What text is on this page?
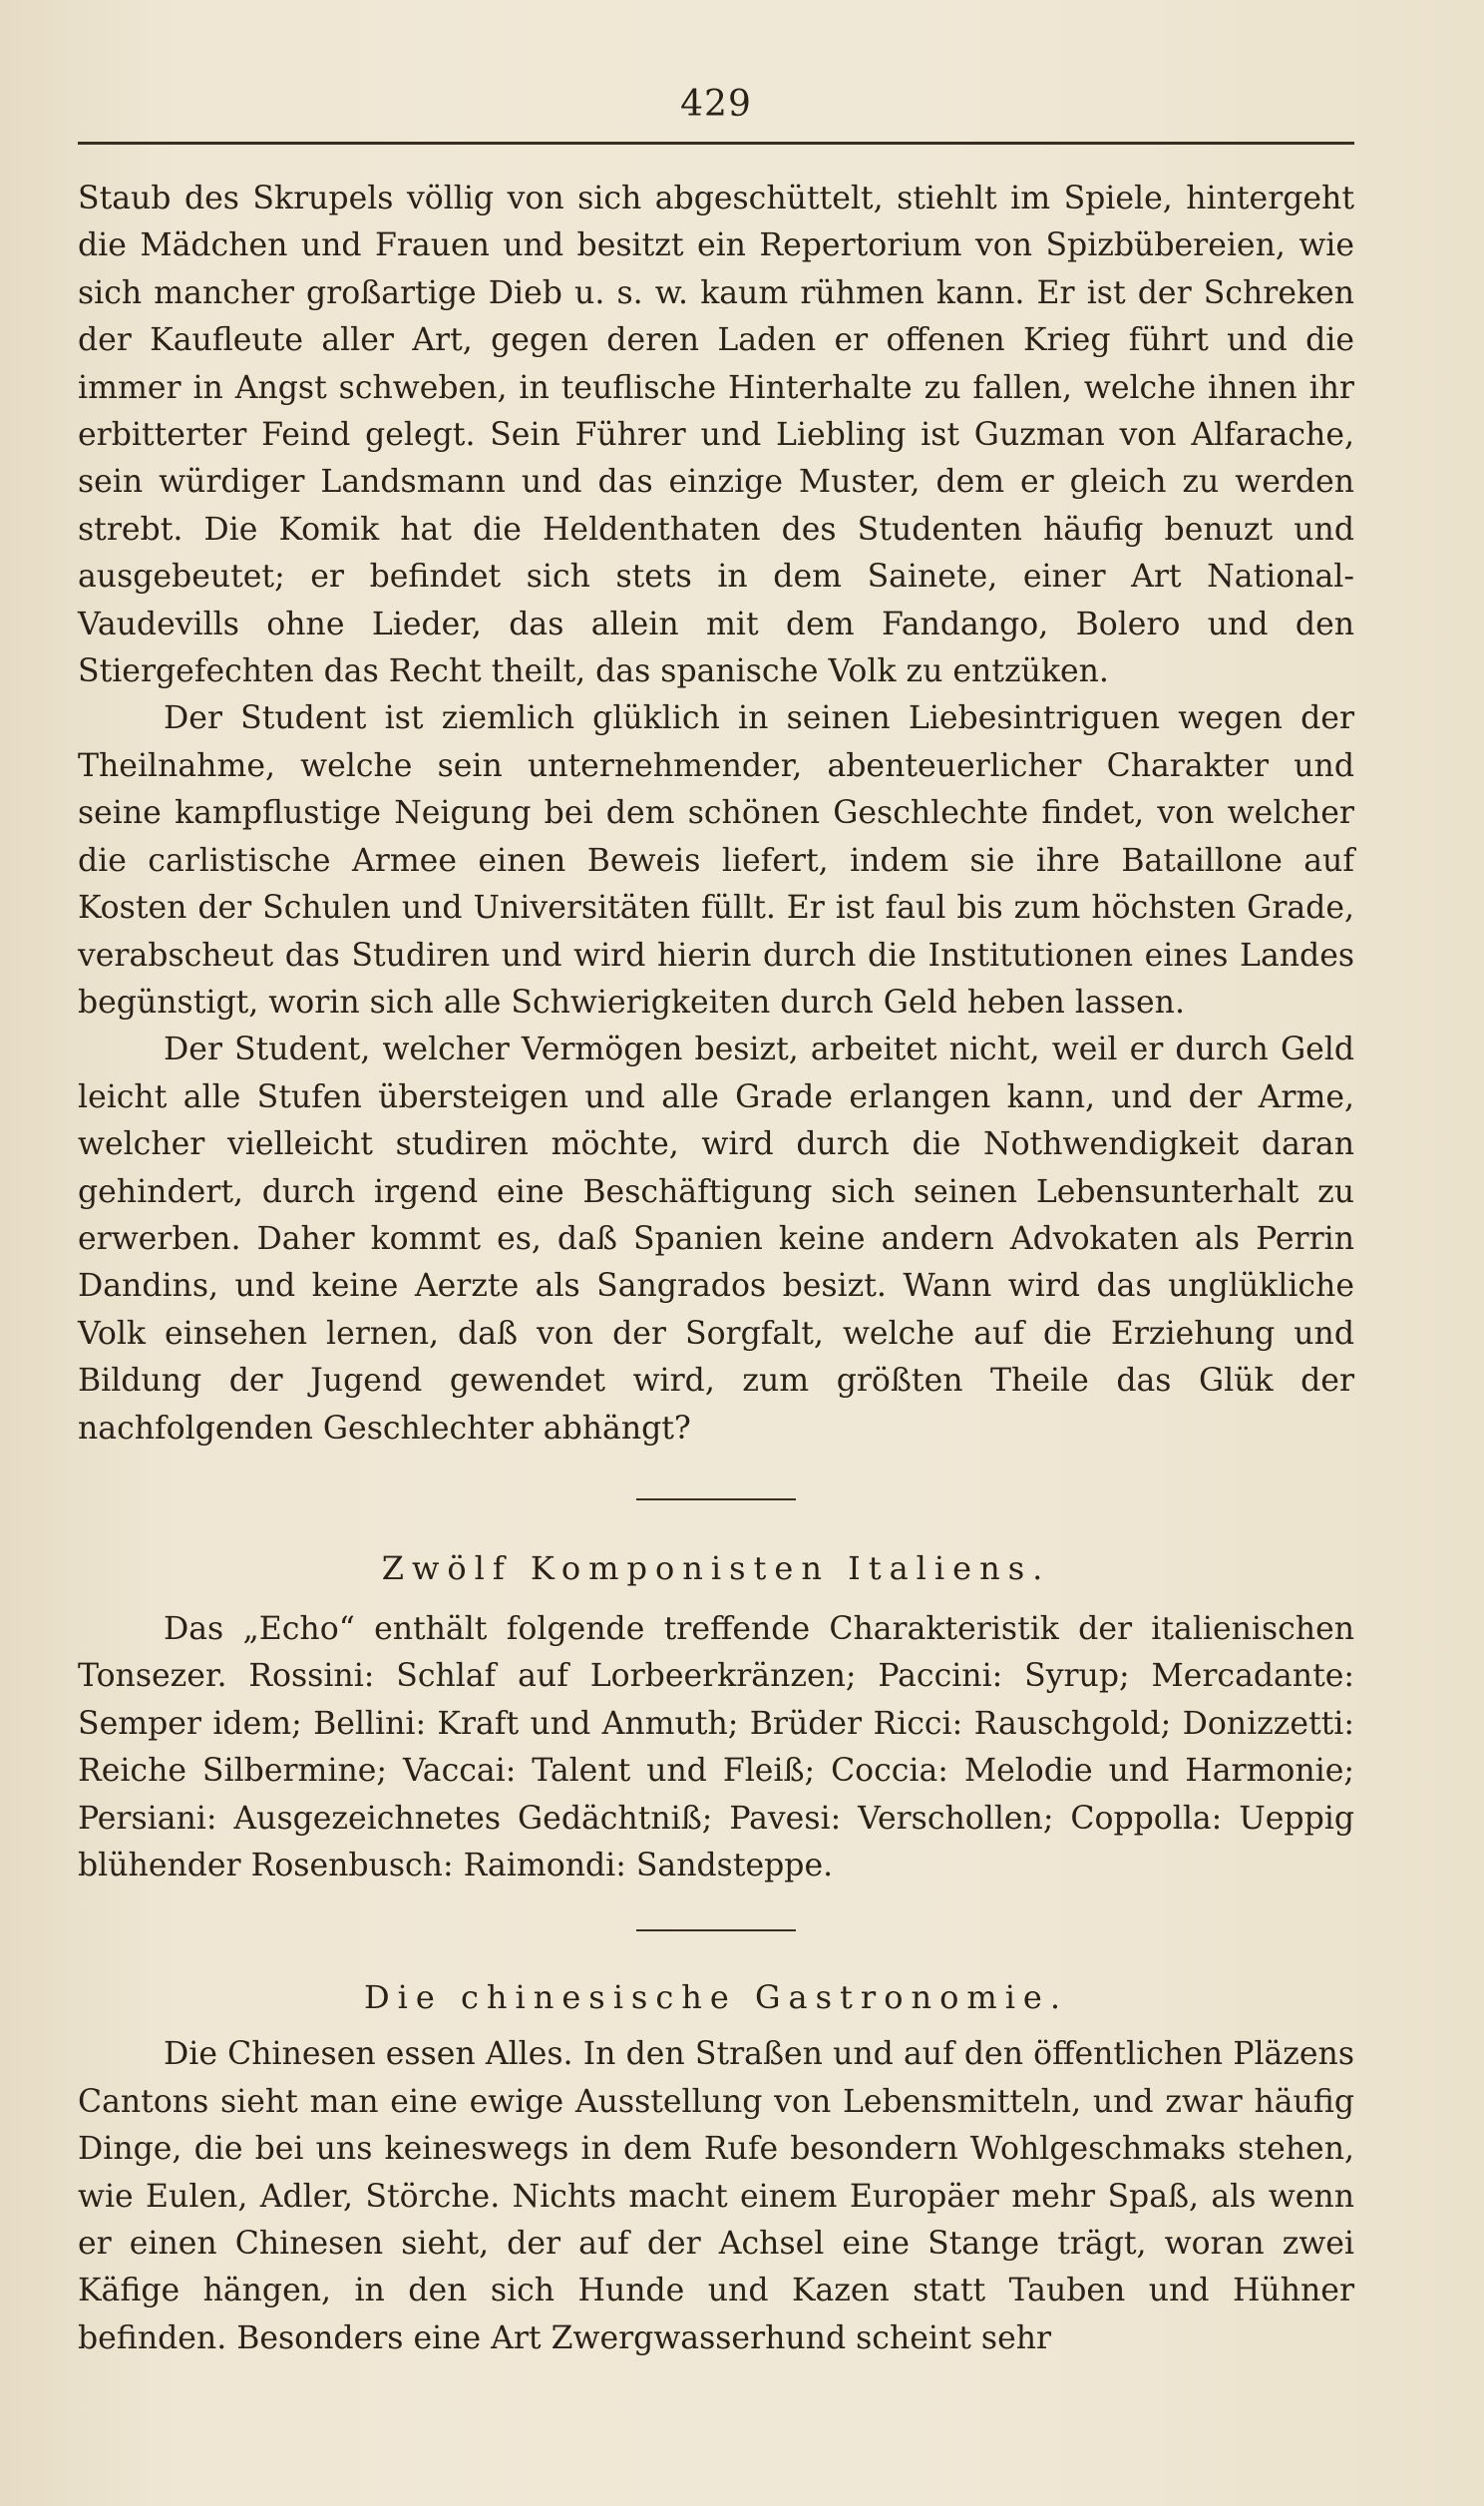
429

Staub des Skrupels völlig von sich abgeschüttelt, stiehlt im Spiele, hintergeht die Mädchen und Frauen und besitzt ein Repertorium von Spizbübereien, wie sich mancher großartige Dieb u. s. w. kaum rühmen kann. Er ist der Schreken der Kaufleute aller Art, gegen deren Laden er offenen Krieg führt und die immer in Angst schweben, in teuflische Hinterhalte zu fallen, welche ihnen ihr erbitterter Feind gelegt. Sein Führer und Liebling ist Guzman von Alfarache, sein würdiger Landsmann und das einzige Muster, dem er gleich zu werden strebt. Die Komik hat die Heldenthaten des Studenten häufig benuzt und ausgebeutet; er befindet sich stets in dem Sainete, einer Art National-Vaudevills ohne Lieder, das allein mit dem Fandango, Bolero und den Stiergefechten das Recht theilt, das spanische Volk zu entzüken.

Der Student ist ziemlich glüklich in seinen Liebesintriguen wegen der Theilnahme, welche sein unternehmender, abenteuerlicher Charakter und seine kampflustige Neigung bei dem schönen Geschlechte findet, von welcher die carlistische Armee einen Beweis liefert, indem sie ihre Bataillone auf Kosten der Schulen und Universitäten füllt. Er ist faul bis zum höchsten Grade, verabscheut das Studiren und wird hierin durch die Institutionen eines Landes begünstigt, worin sich alle Schwierigkeiten durch Geld heben lassen.

Der Student, welcher Vermögen besizt, arbeitet nicht, weil er durch Geld leicht alle Stufen übersteigen und alle Grade erlangen kann, und der Arme, welcher vielleicht studiren möchte, wird durch die Nothwendigkeit daran gehindert, durch irgend eine Beschäftigung sich seinen Lebensunterhalt zu erwerben. Daher kommt es, daß Spanien keine andern Advokaten als Perrin Dandins, und keine Aerzte als Sangrados besizt. Wann wird das unglükliche Volk einsehen lernen, daß von der Sorgfalt, welche auf die Erziehung und Bildung der Jugend gewendet wird, zum größten Theile das Glük der nachfolgenden Geschlechter abhängt?

Zwölf Komponisten Italiens.

Das „Echo“ enthält folgende treffende Charakteristik der italienischen Tonsezer. Rossini: Schlaf auf Lorbeerkränzen; Paccini: Syrup; Mercadante: Semper idem; Bellini: Kraft und Anmuth; Brüder Ricci: Rauschgold; Donizzetti: Reiche Silbermine; Vaccai: Talent und Fleiß; Coccia: Melodie und Harmonie; Persiani: Ausgezeichnetes Gedächtniß; Pavesi: Verschollen; Coppolla: Ueppig blühender Rosenbusch: Raimondi: Sandsteppe.

Die chinesische Gastronomie.

Die Chinesen essen Alles. In den Straßen und auf den öffentlichen Pläzens Cantons sieht man eine ewige Ausstellung von Lebensmitteln, und zwar häufig Dinge, die bei uns keineswegs in dem Rufe besondern Wohlgeschmaks stehen, wie Eulen, Adler, Störche. Nichts macht einem Europäer mehr Spaß, als wenn er einen Chinesen sieht, der auf der Achsel eine Stange trägt, woran zwei Käfige hängen, in den sich Hunde und Kazen statt Tauben und Hühner befinden. Besonders eine Art Zwergwasserhund scheint sehr
